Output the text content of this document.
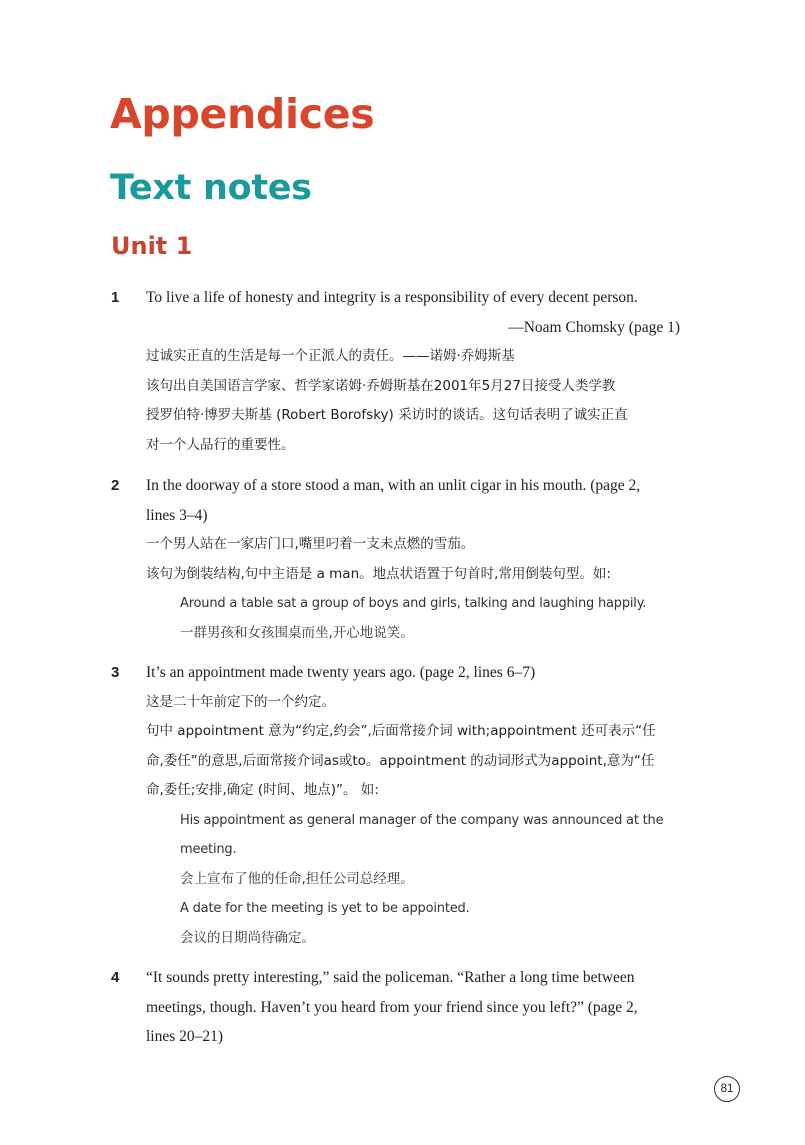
Appendices
Text notes
Unit 1
1 To live a life of honesty and integrity is a responsibility of every decent person.
—Noam Chomsky (page 1)
过诚实正直的生活是每一个正派人的责任。——诺姆·乔姆斯基
该句出自美国语言学家、哲学家诺姆·乔姆斯基在2001年5月27日接受人类学教
授罗伯特·博罗夫斯基 (Robert Borofsky) 采访时的谈话。这句话表明了诚实正直
对一个人品行的重要性。
2 In the doorway of a store stood a man, with an unlit cigar in his mouth. (page 2,
lines 3–4)
一个男人站在一家店门口,嘴里叼着一支未点燃的雪茄。
该句为倒装结构,句中主语是 a man。地点状语置于句首时,常用倒装句型。如:
Around a table sat a group of boys and girls, talking and laughing happily.
一群男孩和女孩围桌而坐,开心地说笑。
3 It’s an appointment made twenty years ago. (page 2, lines 6–7)
这是二十年前定下的一个约定。
句中 appointment 意为“约定,约会”,后面常接介词 with;appointment 还可表示“任
命,委任”的意思,后面常接介词as或to。appointment 的动词形式为appoint,意为“任
命,委任;安排,确定 (时间、地点)”。 如:
His appointment as general manager of the company was announced at the
meeting.
会上宣布了他的任命,担任公司总经理。
A date for the meeting is yet to be appointed.
会议的日期尚待确定。
4 “It sounds pretty interesting,” said the policeman. “Rather a long time between
meetings, though. Haven’t you heard from your friend since you left?” (page 2,
lines 20–21)
81
